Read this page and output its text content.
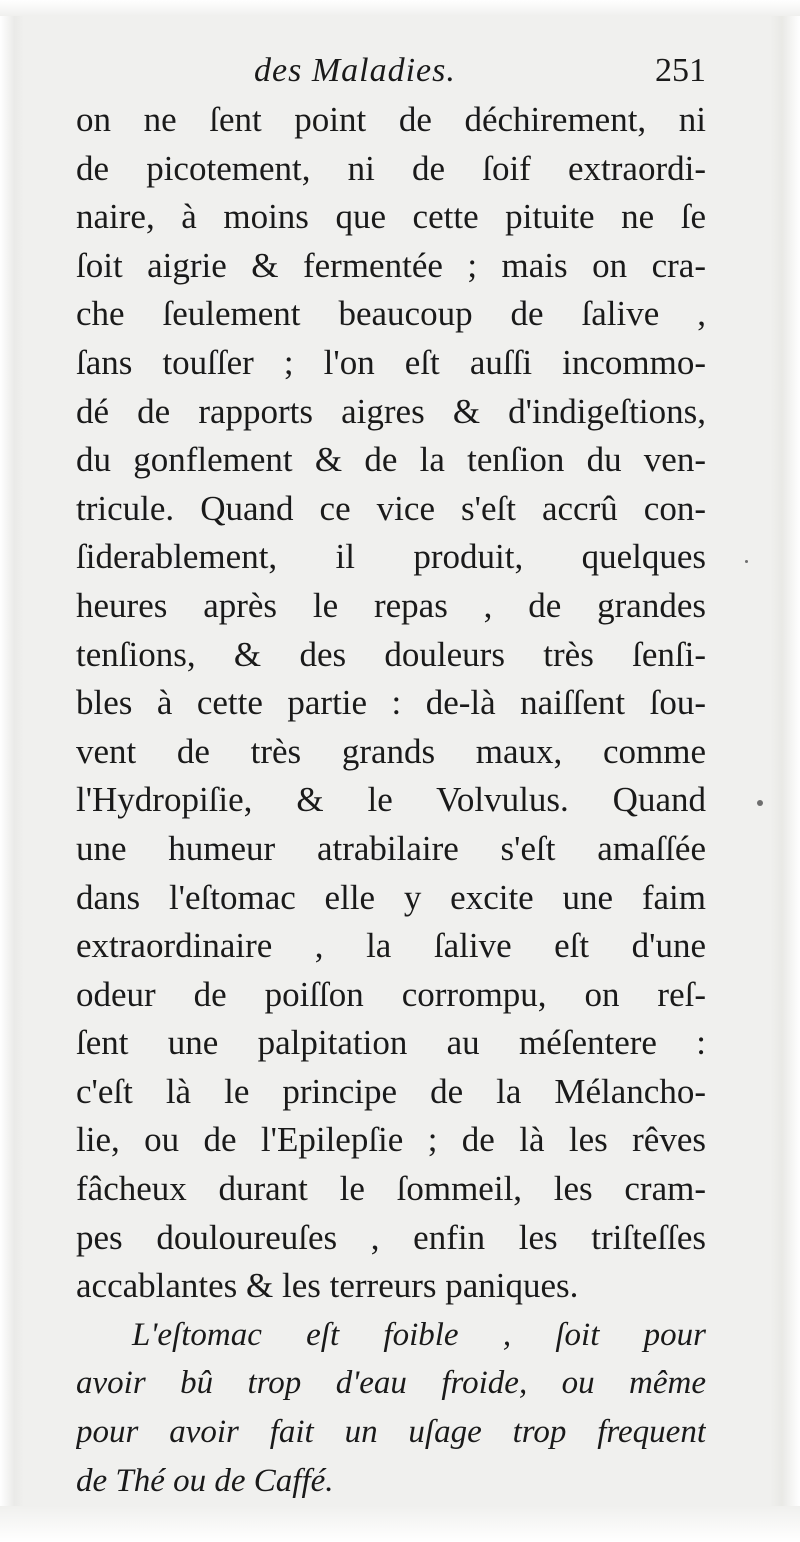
des Maladies.	251
on ne ſent point de déchirement, ni
de picotement, ni de ſoif extraordi-
naire, à moins que cette pituite ne ſe
ſoit aigrie & fermentée ; mais on cra-
che ſeulement beaucoup de ſalive ,
ſans touſſer ; l'on eſt auſſi incommo-
dé de rapports aigres & d'indigeſtions,
du gonflement & de la tenſion du ven-
tricule. Quand ce vice s'eſt accrû con-
ſiderablement, il produit, quelques
heures après le repas , de grandes
tenſions, & des douleurs très ſenſi-
bles à cette partie : de-là naiſſent ſou-
vent de très grands maux, comme
l'Hydropiſie, & le Volvulus. Quand
une humeur atrabilaire s'eſt amaſſée
dans l'eſtomac elle y excite une faim
extraordinaire , la ſalive eſt d'une
odeur de poiſſon corrompu, on reſ-
ſent une palpitation au méſentere :
c'eſt là le principe de la Mélancho-
lie, ou de l'Epilepſie ; de là les rêves
fâcheux durant le ſommeil, les cram-
pes douloureuſes , enfin les triſteſſes
accablantes & les terreurs paniques.
L'eſtomac eſt foible , ſoit pour
avoir bû trop d'eau froide, ou même
pour avoir fait un uſage trop frequent
de Thé ou de Caffé.
